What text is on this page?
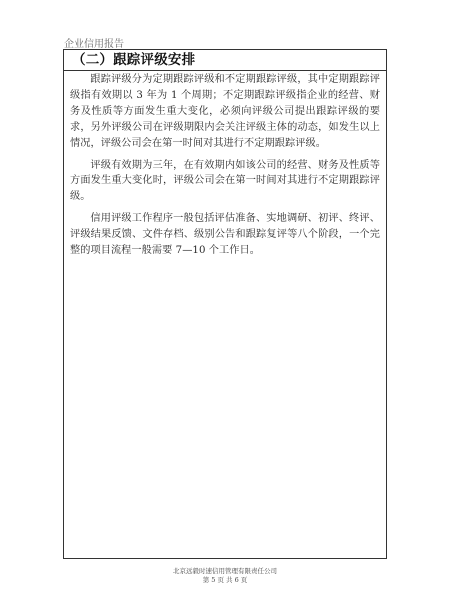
企业信用报告
（二）跟踪评级安排

跟踪评级分为定期跟踪评级和不定期跟踪评级，其中定期跟踪评级指有效期以 3 年为 1 个周期；不定期跟踪评级指企业的经营、财务及性质等方面发生重大变化，必须向评级公司提出跟踪评级的要求，另外评级公司在评级期限内会关注评级主体的动态，如发生以上情况，评级公司会在第一时间对其进行不定期跟踪评级。

评级有效期为三年，在有效期内如该公司的经营、财务及性质等方面发生重大变化时，评级公司会在第一时间对其进行不定期跟踪评级。

信用评级工作程序一般包括评估准备、实地调研、初评、终评、评级结果反馈、文件存档、级别公告和跟踪复评等八个阶段，一个完整的项目流程一般需要 7—10 个工作日。

北京远毅时速信用管理有限责任公司
第 5 页 共 6 页
